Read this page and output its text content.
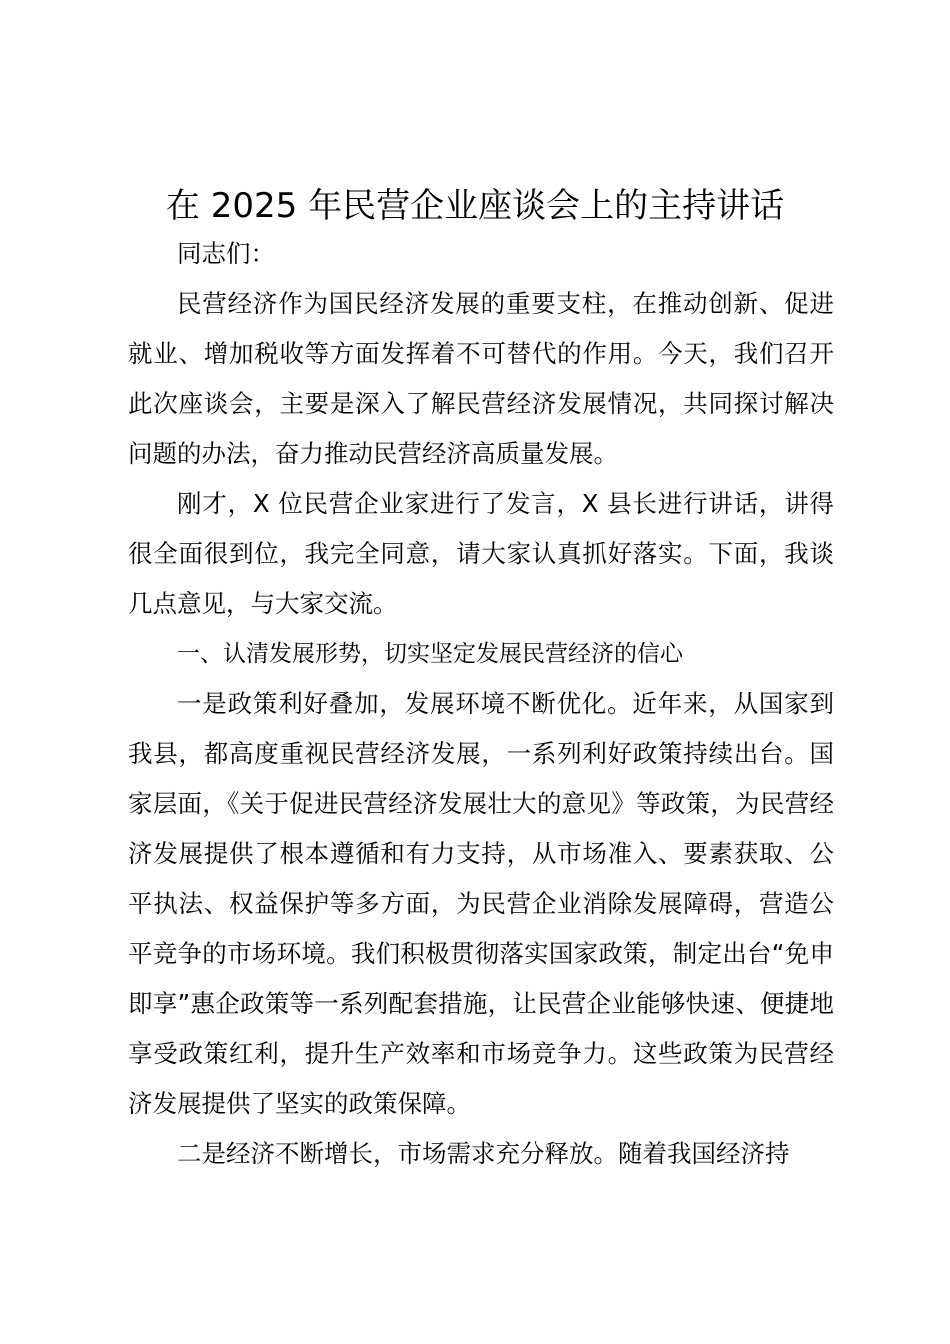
在 2025 年民营企业座谈会上的主持讲话

同志们：

民营经济作为国民经济发展的重要支柱，在推动创新、促进就业、增加税收等方面发挥着不可替代的作用。今天，我们召开此次座谈会，主要是深入了解民营经济发展情况，共同探讨解决问题的办法，奋力推动民营经济高质量发展。

刚才，X 位民营企业家进行了发言，X 县长进行讲话，讲得很全面很到位，我完全同意，请大家认真抓好落实。下面，我谈几点意见，与大家交流。

一、认清发展形势，切实坚定发展民营经济的信心

一是政策利好叠加，发展环境不断优化。近年来，从国家到我县，都高度重视民营经济发展，一系列利好政策持续出台。国家层面，《关于促进民营经济发展壮大的意见》等政策，为民营经济发展提供了根本遵循和有力支持，从市场准入、要素获取、公平执法、权益保护等多方面，为民营企业消除发展障碍，营造公平竞争的市场环境。我们积极贯彻落实国家政策，制定出台“免申即享”惠企政策等一系列配套措施，让民营企业能够快速、便捷地享受政策红利，提升生产效率和市场竞争力。这些政策为民营经济发展提供了坚实的政策保障。

二是经济不断增长，市场需求充分释放。随着我国经济持
